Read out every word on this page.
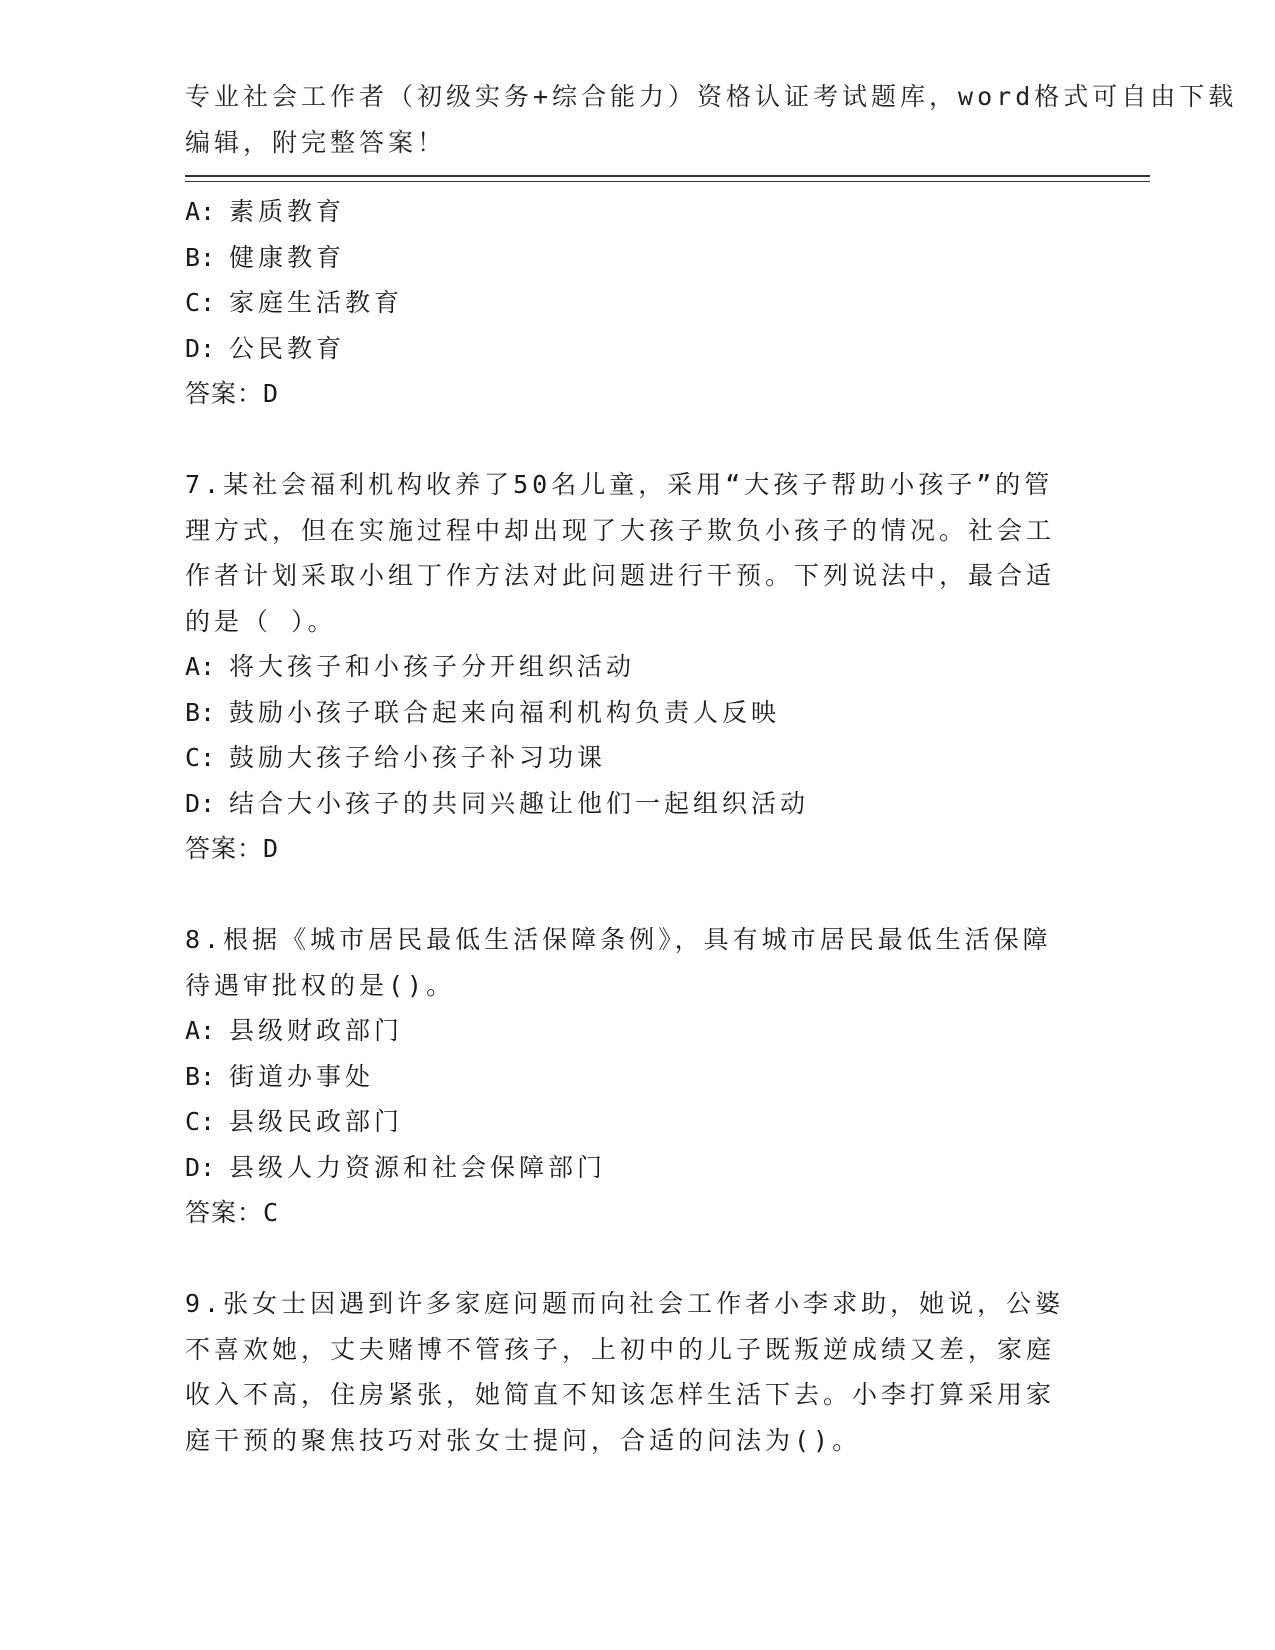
专业社会工作者（初级实务+综合能力）资格认证考试题库，word格式可自由下载
编辑，附完整答案！
A: 素质教育
B: 健康教育
C: 家庭生活教育
D: 公民教育
答案：D
7.某社会福利机构收养了50名儿童，采用“大孩子帮助小孩子”的管
理方式，但在实施过程中却出现了大孩子欺负小孩子的情况。社会工
作者计划采取小组丁作方法对此问题进行干预。下列说法中，最合适
的是（ ）。
A: 将大孩子和小孩子分开组织活动
B: 鼓励小孩子联合起来向福利机构负责人反映
C: 鼓励大孩子给小孩子补习功课
D: 结合大小孩子的共同兴趣让他们一起组织活动
答案：D
8.根据《城市居民最低生活保障条例》，具有城市居民最低生活保障
待遇审批权的是()。
A: 县级财政部门
B: 街道办事处
C: 县级民政部门
D: 县级人力资源和社会保障部门
答案：C
9.张女士因遇到许多家庭问题而向社会工作者小李求助，她说，公婆
不喜欢她，丈夫赌博不管孩子，上初中的儿子既叛逆成绩又差，家庭
收入不高，住房紧张，她简直不知该怎样生活下去。小李打算采用家
庭干预的聚焦技巧对张女士提问，合适的问法为()。
